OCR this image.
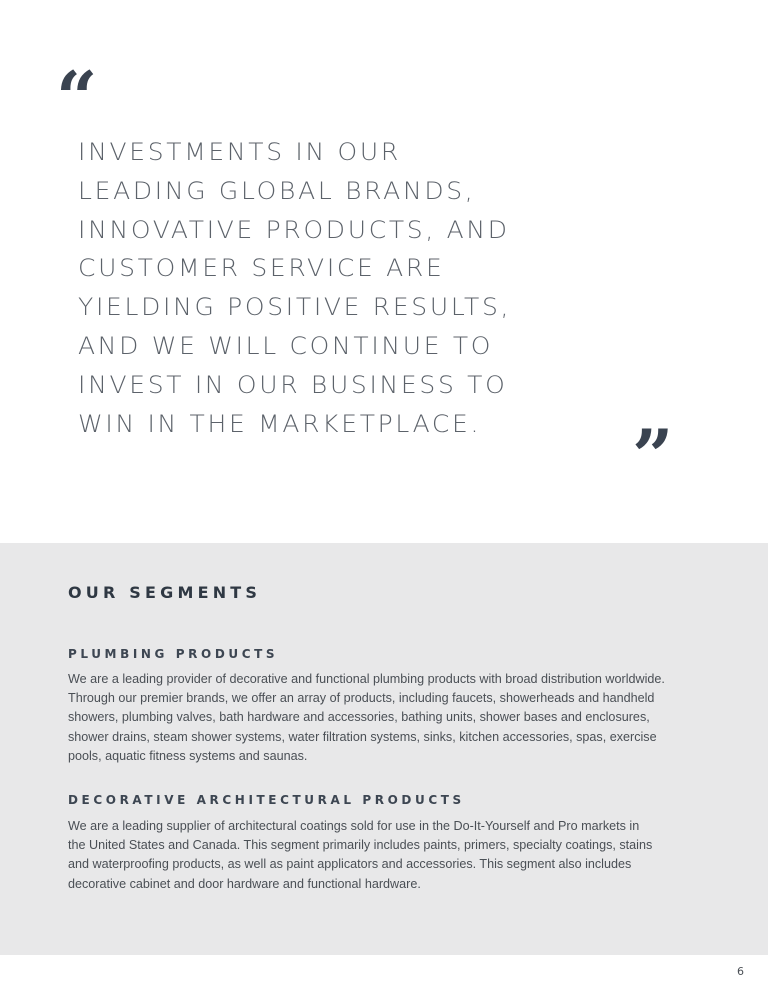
“

INVESTMENTS IN OUR
LEADING GLOBAL BRANDS,
INNOVATIVE PRODUCTS, AND
CUSTOMER SERVICE ARE
YIELDING POSITIVE RESULTS,
AND WE WILL CONTINUE TO
INVEST IN OUR BUSINESS TO
WIN IN THE MARKETPLACE.	”
OUR SEGMENTS
PLUMBING PRODUCTS

We are a leading provider of decorative and functional plumbing products with broad distribution worldwide.
Through our premier brands, we offer an array of products, including faucets, showerheads and handheld
showers, plumbing valves, bath hardware and accessories, bathing units, shower bases and enclosures,
shower drains, steam shower systems, water filtration systems, sinks, kitchen accessories, spas, exercise
pools, aquatic fitness systems and saunas.

DECORATIVE ARCHITECTURAL PRODUCTS

We are a leading supplier of architectural coatings sold for use in the Do-It-Yourself and Pro markets in
the United States and Canada. This segment primarily includes paints, primers, specialty coatings, stains
and waterproofing products, as well as paint applicators and accessories. This segment also includes
decorative cabinet and door hardware and functional hardware.

6
